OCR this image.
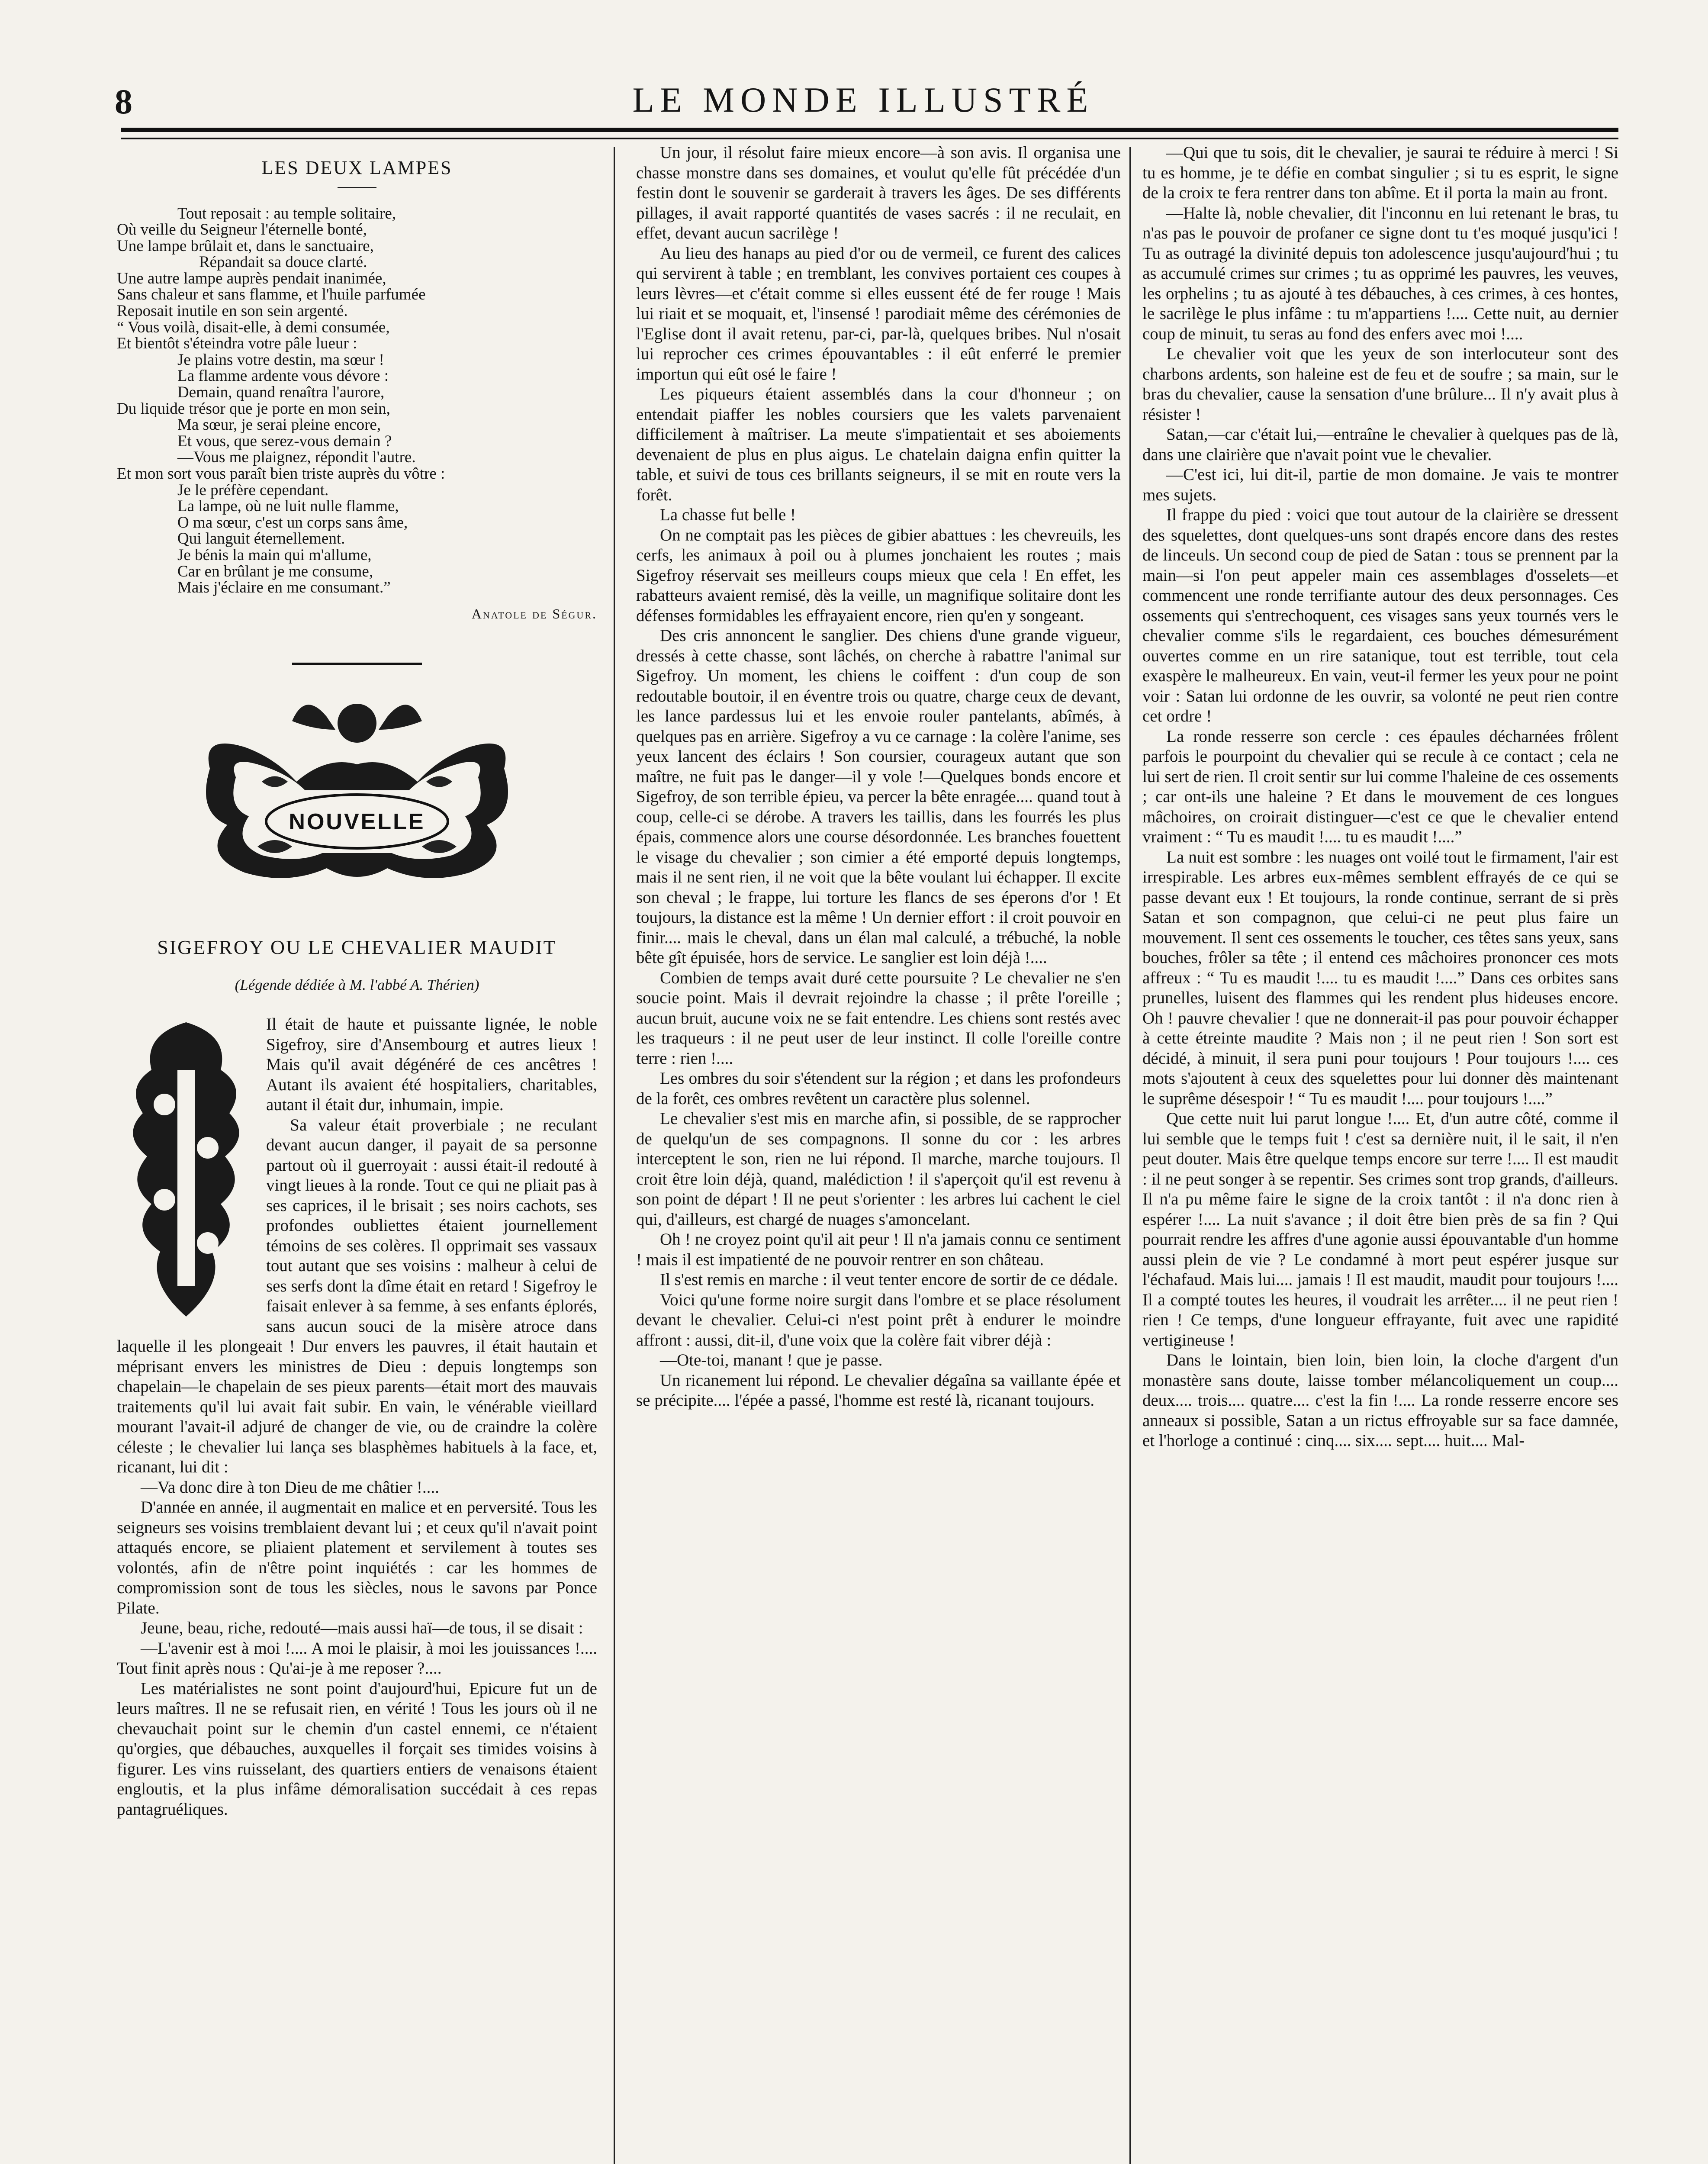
8	LE MONDE ILLUSTRÉ
LES DEUX LAMPES
Tout reposait : au temple solitaire,
Où veille du Seigneur l'éternelle bonté,
Une lampe brûlait et, dans le sanctuaire,
Répandait sa douce clarté.
Une autre lampe auprès pendait inanimée,
Sans chaleur et sans flamme, et l'huile parfumée
Reposait inutile en son sein argenté.
“ Vous voilà, disait-elle, à demi consumée,
Et bientôt s'éteindra votre pâle lueur :
Je plains votre destin, ma sœur !
La flamme ardente vous dévore :
Demain, quand renaîtra l'aurore,
Du liquide trésor que je porte en mon sein,
Ma sœur, je serai pleine encore,
Et vous, que serez-vous demain ?
—Vous me plaignez, répondit l'autre.
Et mon sort vous paraît bien triste auprès du vôtre :
Je le préfère cependant.
La lampe, où ne luit nulle flamme,
O ma sœur, c'est un corps sans âme,
Qui languit éternellement.
Je bénis la main qui m'allume,
Car en brûlant je me consume,
Mais j'éclaire en me consumant.”
Anatole de Ségur.
NOUVELLE
SIGEFROY OU LE CHEVALIER MAUDIT
(Légende dédiée à M. l'abbé A. Thérien)

Il était de haute et puissante lignée, le noble Sigefroy, sire d'Ansembourg et autres lieux ! Mais qu'il avait dégénéré de ces ancêtres ! Autant ils avaient été hospitaliers, charitables, autant il était dur, inhumain, impie.

Sa valeur était proverbiale ; ne reculant devant aucun danger, il payait de sa personne partout où il guerroyait : aussi était-il redouté à vingt lieues à la ronde. Tout ce qui ne pliait pas à ses caprices, il le brisait ; ses noirs cachots, ses profondes oubliettes étaient journellement témoins de ses colères. Il opprimait ses vassaux tout autant que ses voisins : malheur à celui de ses serfs dont la dîme était en retard ! Sigefroy le faisait enlever à sa femme, à ses enfants éplorés, sans aucun souci de la misère atroce dans laquelle il les plongeait ! Dur envers les pauvres, il était hautain et méprisant envers les ministres de Dieu : depuis longtemps son chapelain—le chapelain de ses pieux parents—était mort des mauvais traitements qu'il lui avait fait subir. En vain, le vénérable vieillard mourant l'avait-il adjuré de changer de vie, ou de craindre la colère céleste ; le chevalier lui lança ses blasphèmes habituels à la face, et, ricanant, lui dit :

—Va donc dire à ton Dieu de me châtier !....

D'année en année, il augmentait en malice et en perversité. Tous les seigneurs ses voisins tremblaient devant lui ; et ceux qu'il n'avait point attaqués encore, se pliaient platement et servilement à toutes ses volontés, afin de n'être point inquiétés : car les hommes de compromission sont de tous les siècles, nous le savons par Ponce Pilate.

Jeune, beau, riche, redouté—mais aussi haï—de tous, il se disait :

—L'avenir est à moi !.... A moi le plaisir, à moi les jouissances !.... Tout finit après nous : Qu'ai-je à me reposer ?....

Les matérialistes ne sont point d'aujourd'hui, Epicure fut un de leurs maîtres. Il ne se refusait rien, en vérité ! Tous les jours où il ne chevauchait point sur le chemin d'un castel ennemi, ce n'étaient qu'orgies, que débauches, auxquelles il forçait ses timides voisins à figurer. Les vins ruisselant, des quartiers entiers de venaisons étaient engloutis, et la plus infâme démoralisation succédait à ces repas pantagruéliques.

Un jour, il résolut faire mieux encore—à son avis. Il organisa une chasse monstre dans ses domaines, et voulut qu'elle fût précédée d'un festin dont le souvenir se garderait à travers les âges. De ses différents pillages, il avait rapporté quantités de vases sacrés : il ne reculait, en effet, devant aucun sacrilège !

Au lieu des hanaps au pied d'or ou de vermeil, ce furent des calices qui servirent à table ; en tremblant, les convives portaient ces coupes à leurs lèvres—et c'était comme si elles eussent été de fer rouge ! Mais lui riait et se moquait, et, l'insensé ! parodiait même des cérémonies de l'Eglise dont il avait retenu, par-ci, par-là, quelques bribes. Nul n'osait lui reprocher ces crimes épouvantables : il eût enferré le premier importun qui eût osé le faire !

Les piqueurs étaient assemblés dans la cour d'honneur ; on entendait piaffer les nobles coursiers que les valets parvenaient difficilement à maîtriser. La meute s'impatientait et ses aboiements devenaient de plus en plus aigus. Le chatelain daigna enfin quitter la table, et suivi de tous ces brillants seigneurs, il se mit en route vers la forêt.

La chasse fut belle !

On ne comptait pas les pièces de gibier abattues : les chevreuils, les cerfs, les animaux à poil ou à plumes jonchaient les routes ; mais Sigefroy réservait ses meilleurs coups mieux que cela ! En effet, les rabatteurs avaient remisé, dès la veille, un magnifique solitaire dont les défenses formidables les effrayaient encore, rien qu'en y songeant.

Des cris annoncent le sanglier. Des chiens d'une grande vigueur, dressés à cette chasse, sont lâchés, on cherche à rabattre l'animal sur Sigefroy. Un moment, les chiens le coiffent : d'un coup de son redoutable boutoir, il en éventre trois ou quatre, charge ceux de devant, les lance pardessus lui et les envoie rouler pantelants, abîmés, à quelques pas en arrière. Sigefroy a vu ce carnage : la colère l'anime, ses yeux lancent des éclairs ! Son coursier, courageux autant que son maître, ne fuit pas le danger—il y vole !—Quelques bonds encore et Sigefroy, de son terrible épieu, va percer la bête enragée.... quand tout à coup, celle-ci se dérobe. A travers les taillis, dans les fourrés les plus épais, commence alors une course désordonnée. Les branches fouettent le visage du chevalier ; son cimier a été emporté depuis longtemps, mais il ne sent rien, il ne voit que la bête voulant lui échapper. Il excite son cheval ; le frappe, lui torture les flancs de ses éperons d'or ! Et toujours, la distance est la même ! Un dernier effort : il croit pouvoir en finir.... mais le cheval, dans un élan mal calculé, a trébuché, la noble bête gît épuisée, hors de service. Le sanglier est loin déjà !....

Combien de temps avait duré cette poursuite ? Le chevalier ne s'en soucie point. Mais il devrait rejoindre la chasse ; il prête l'oreille ; aucun bruit, aucune voix ne se fait entendre. Les chiens sont restés avec les traqueurs : il ne peut user de leur instinct. Il colle l'oreille contre terre : rien !....

Les ombres du soir s'étendent sur la région ; et dans les profondeurs de la forêt, ces ombres revêtent un caractère plus solennel.

Le chevalier s'est mis en marche afin, si possible, de se rapprocher de quelqu'un de ses compagnons. Il sonne du cor : les arbres interceptent le son, rien ne lui répond. Il marche, marche toujours. Il croit être loin déjà, quand, malédiction ! il s'aperçoit qu'il est revenu à son point de départ ! Il ne peut s'orienter : les arbres lui cachent le ciel qui, d'ailleurs, est chargé de nuages s'amoncelant.

Oh ! ne croyez point qu'il ait peur ! Il n'a jamais connu ce sentiment ! mais il est impatienté de ne pouvoir rentrer en son château.

Il s'est remis en marche : il veut tenter encore de sortir de ce dédale.

Voici qu'une forme noire surgit dans l'ombre et se place résolument devant le chevalier. Celui-ci n'est point prêt à endurer le moindre affront : aussi, dit-il, d'une voix que la colère fait vibrer déjà :

—Ote-toi, manant ! que je passe.

Un ricanement lui répond. Le chevalier dégaîna sa vaillante épée et se précipite.... l'épée a passé, l'homme est resté là, ricanant toujours.

—Qui que tu sois, dit le chevalier, je saurai te réduire à merci ! Si tu es homme, je te défie en combat singulier ; si tu es esprit, le signe de la croix te fera rentrer dans ton abîme. Et il porta la main au front.

—Halte là, noble chevalier, dit l'inconnu en lui retenant le bras, tu n'as pas le pouvoir de profaner ce signe dont tu t'es moqué jusqu'ici ! Tu as outragé la divinité depuis ton adolescence jusqu'aujourd'hui ; tu as accumulé crimes sur crimes ; tu as opprimé les pauvres, les veuves, les orphelins ; tu as ajouté à tes débauches, à ces crimes, à ces hontes, le sacrilège le plus infâme : tu m'appartiens !.... Cette nuit, au dernier coup de minuit, tu seras au fond des enfers avec moi !....

Le chevalier voit que les yeux de son interlocuteur sont des charbons ardents, son haleine est de feu et de soufre ; sa main, sur le bras du chevalier, cause la sensation d'une brûlure... Il n'y avait plus à résister !

Satan,—car c'était lui,—entraîne le chevalier à quelques pas de là, dans une clairière que n'avait point vue le chevalier.

—C'est ici, lui dit-il, partie de mon domaine. Je vais te montrer mes sujets.

Il frappe du pied : voici que tout autour de la clairière se dressent des squelettes, dont quelques-uns sont drapés encore dans des restes de linceuls. Un second coup de pied de Satan : tous se prennent par la main—si l'on peut appeler main ces assemblages d'osselets—et commencent une ronde terrifiante autour des deux personnages. Ces ossements qui s'entrechoquent, ces visages sans yeux tournés vers le chevalier comme s'ils le regardaient, ces bouches démesurément ouvertes comme en un rire satanique, tout est terrible, tout cela exaspère le malheureux. En vain, veut-il fermer les yeux pour ne point voir : Satan lui ordonne de les ouvrir, sa volonté ne peut rien contre cet ordre !

La ronde resserre son cercle : ces épaules décharnées frôlent parfois le pourpoint du chevalier qui se recule à ce contact ; cela ne lui sert de rien. Il croit sentir sur lui comme l'haleine de ces ossements ; car ont-ils une haleine ? Et dans le mouvement de ces longues mâchoires, on croirait distinguer—c'est ce que le chevalier entend vraiment : “ Tu es maudit !.... tu es maudit !....”

La nuit est sombre : les nuages ont voilé tout le firmament, l'air est irrespirable. Les arbres eux-mêmes semblent effrayés de ce qui se passe devant eux ! Et toujours, la ronde continue, serrant de si près Satan et son compagnon, que celui-ci ne peut plus faire un mouvement. Il sent ces ossements le toucher, ces têtes sans yeux, sans bouches, frôler sa tête ; il entend ces mâchoires prononcer ces mots affreux : “ Tu es maudit !.... tu es maudit !....” Dans ces orbites sans prunelles, luisent des flammes qui les rendent plus hideuses encore. Oh ! pauvre chevalier ! que ne donnerait-il pas pour pouvoir échapper à cette étreinte maudite ? Mais non ; il ne peut rien ! Son sort est décidé, à minuit, il sera puni pour toujours ! Pour toujours !.... ces mots s'ajoutent à ceux des squelettes pour lui donner dès maintenant le suprême désespoir ! “ Tu es maudit !.... pour toujours !....”

Que cette nuit lui parut longue !.... Et, d'un autre côté, comme il lui semble que le temps fuit ! c'est sa dernière nuit, il le sait, il n'en peut douter. Mais être quelque temps encore sur terre !.... Il est maudit : il ne peut songer à se repentir. Ses crimes sont trop grands, d'ailleurs. Il n'a pu même faire le signe de la croix tantôt : il n'a donc rien à espérer !.... La nuit s'avance ; il doit être bien près de sa fin ? Qui pourrait rendre les affres d'une agonie aussi épouvantable d'un homme aussi plein de vie ? Le condamné à mort peut espérer jusque sur l'échafaud. Mais lui.... jamais ! Il est maudit, maudit pour toujours !.... Il a compté toutes les heures, il voudrait les arrêter.... il ne peut rien ! rien ! Ce temps, d'une longueur effrayante, fuit avec une rapidité vertigineuse !

Dans le lointain, bien loin, bien loin, la cloche d'argent d'un monastère sans doute, laisse tomber mélancoliquement un coup.... deux.... trois.... quatre.... c'est la fin !.... La ronde resserre encore ses anneaux si possible, Satan a un rictus effroyable sur sa face damnée, et l'horloge a continué : cinq.... six.... sept.... huit.... Mal-
